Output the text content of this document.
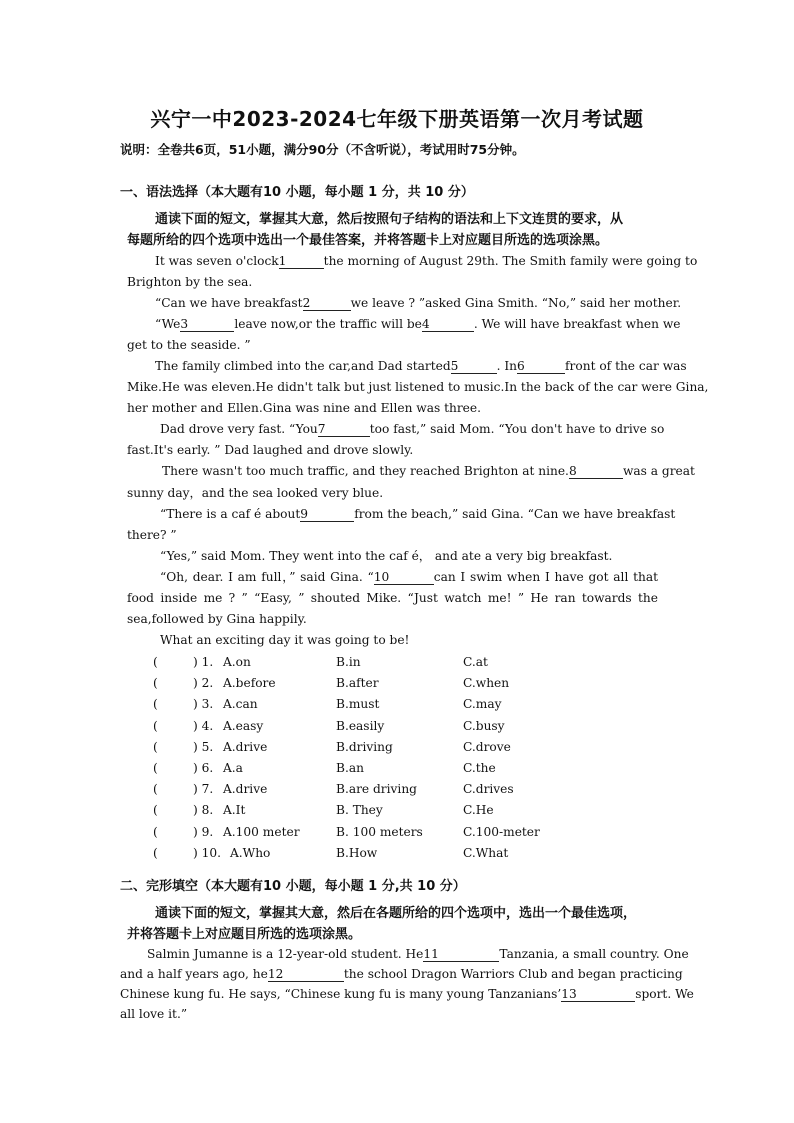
兴宁一中2023-2024七年级下册英语第一次月考试题
说明：全卷共6页，51小题，满分90分（不含听说），考试用时75分钟。
一、语法选择（本大题有10 小题，每小题 1 分，共 10 分）
通读下面的短文，掌握其大意，然后按照句子结构的语法和上下文连贯的要求，从
每题所给的四个选项中选出一个最佳答案，并将答题卡上对应题目所选的选项涂黑。
It was seven o'clock1	the morning of August 29th. The Smith family were going to
Brighton by the sea.
“Can we have breakfast2	we leave ? ”asked Gina Smith. “No,” said her mother.
“We3	leave now,or the traffic will be4	. We will have breakfast when we
get to the seaside. ”
The family climbed into the car,and Dad started5	. In6	front of the car was
Mike.He was eleven.He didn't talk but just listened to music.In the back of the car were Gina,
her mother and Ellen.Gina was nine and Ellen was three.
Dad drove very fast. “You7	too fast,” said Mom. “You don't have to drive so
fast.It's early. ” Dad laughed and drove slowly.
There wasn't too much traffic, and they reached Brighton at nine.8	was a great
sunny day，and the sea looked very blue.
“There is a caf é about9	from the beach,” said Gina. “Can we have breakfast
there? ”
“Yes,” said Mom. They went into the caf é， and ate a very big breakfast.
“Oh, dear. I am full，” said Gina. “10	can I swim when I have got all that
food inside me ? ” “Easy, ” shouted Mike. “Just watch me! ” He ran towards the
sea,followed by Gina happily.
What an exciting day it was going to be!
(	) 1. A.on	B.in	C.at
(	) 2. A.before	B.after	C.when
(	) 3. A.can	B.must	C.may
(	) 4. A.easy	B.easily	C.busy
(	) 5. A.drive	B.driving	C.drove
(	) 6. A.a	B.an	C.the
(	) 7. A.drive	B.are driving	C.drives
(	) 8. A.It	B. They	C.He
(	) 9. A.100 meter	B. 100 meters	C.100-meter
(	) 10. A.Who	B.How	C.What
二、完形填空（本大题有10 小题，每小题 1 分,共 10 分）
通读下面的短文，掌握其大意，然后在各题所给的四个选项中，选出一个最佳选项，
并将答题卡上对应题目所选的选项涂黑。
Salmin Jumanne is a 12-year-old student. He11	Tanzania, a small country. One
and a half years ago, he12	the school Dragon Warriors Club and began practicing
Chinese kung fu. He says, “Chinese kung fu is many young Tanzanians’13	sport. We
all love it.”
